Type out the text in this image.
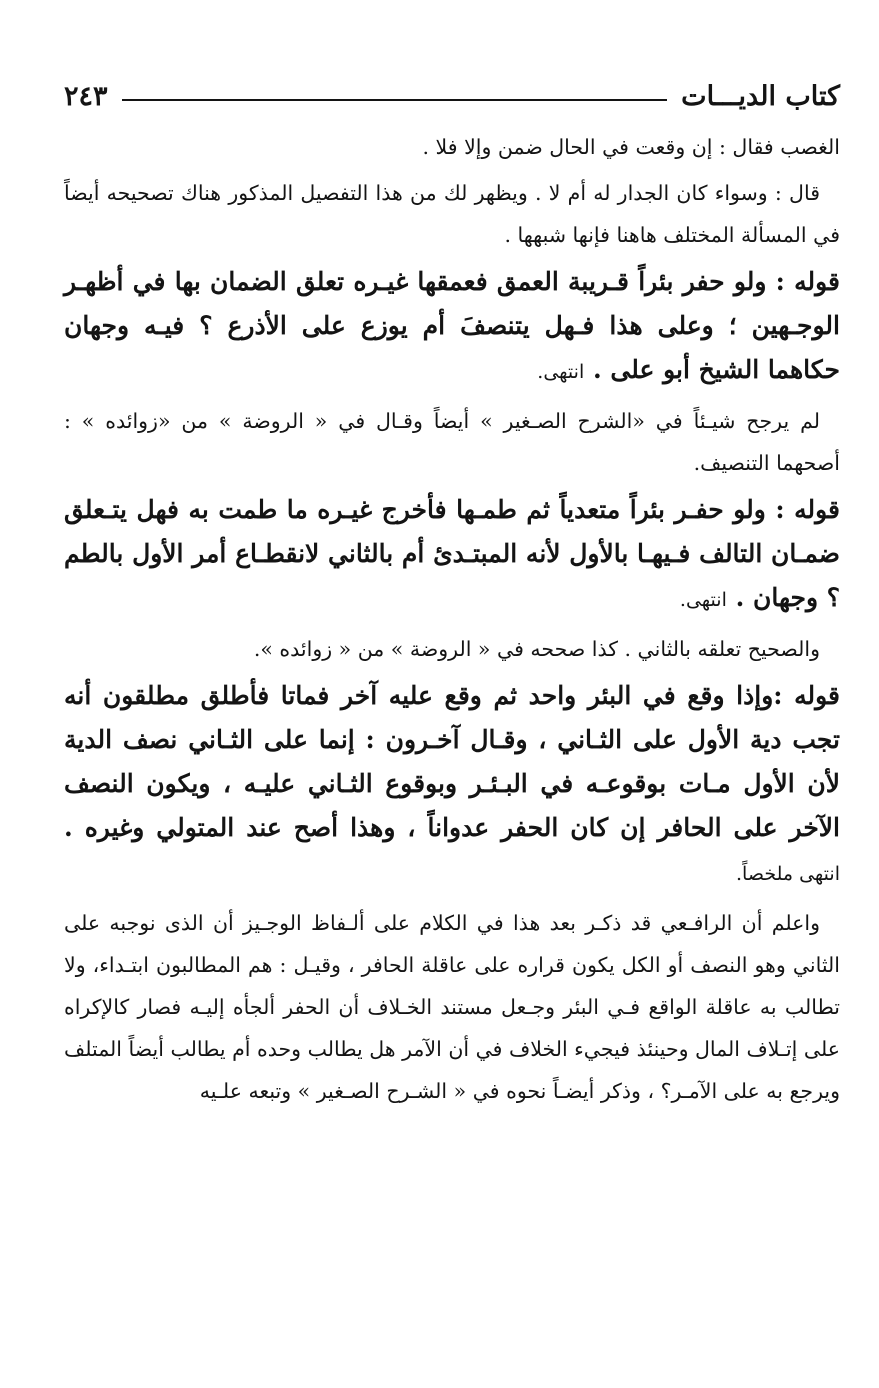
كتاب الديـــات
٢٤٣

الغصب فقال : إن وقعت في الحال ضمن وإلا فلا .

قال : وسواء كان الجدار له أم لا . ويظهر لك من هذا التفصيل المذكور هناك تصحيحه أيضاً في المسألة المختلف هاهنا فإنها شبهها .

قوله : ولو حفر بئراً قـريبة العمق فعمقها غيـره تعلق الضمان بها في أظهـر الوجـهين ؛ وعلى هذا فـهل يتنصفَ أم يوزع على الأذرع ؟ فيـه وجهان حكاهما الشيخ أبو على . انتهى.

لم يرجح شيـئاً في «الشرح الصـغير » أيضاً وقـال في « الروضة » من «زوائده » : أصحهما التنصيف.

قوله : ولو حفـر بئراً متعدياً ثم طمـها فأخرج غيـره ما طمت به فهل يتـعلق ضمـان التالف فـيهـا بالأول لأنه المبتـدئ أم بالثاني لانقطـاع أمر الأول بالطم ؟ وجهان . انتهى.

والصحيح تعلقه بالثاني . كذا صححه في « الروضة » من « زوائده ».

قوله :وإذا وقع في البئر واحد ثم وقع عليه آخر فماتا فأطلق مطلقون أنه تجب دية الأول على الثـاني ، وقـال آخـرون : إنما على الثـاني نصف الدية لأن الأول مـات بوقوعـه في البـئـر وبوقوع الثـاني عليـه ، ويكون النصف الآخر على الحافر إن كان الحفر عدواناً ، وهذا أصح عند المتولي وغيره . انتهى ملخصاً.

واعلم أن الرافـعي قد ذكـر بعد هذا في الكلام على ألـفاظ الوجـيز أن الذى نوجبه على الثاني وهو النصف أو الكل يكون قراره على عاقلة الحافر ، وقيـل : هم المطالبون ابتـداء، ولا تطالب به عاقلة الواقع فـي البئر وجـعل مستند الخـلاف أن الحفر ألجأه إليـه فصار كالإكراه على إتـلاف المال وحينئذ فيجيء الخلاف في أن الآمر هل يطالب وحده أم يطالب أيضاً المتلف ويرجع به على الآمـر؟ ، وذكر أيضـاً نحوه في « الشـرح الصـغير » وتبعه علـيه
